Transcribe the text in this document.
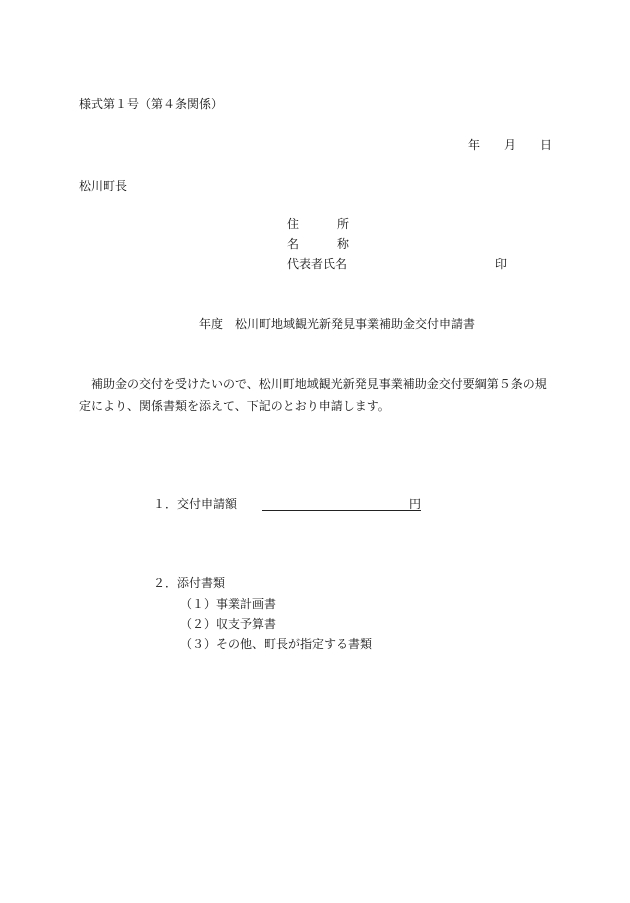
様式第１号（第４条関係）
年 月 日
松川町長
住	所
名	称
代表者氏名	印
年度　松川町地域観光新発見事業補助金交付申請書
　補助金の交付を受けたいので、松川町地域観光新発見事業補助金交付要綱第５条の規
定により、関係書類を添えて、下記のとおり申請します。
１．交付申請額	円
２．添付書類
（１）事業計画書
（２）収支予算書
（３）その他、町長が指定する書類
